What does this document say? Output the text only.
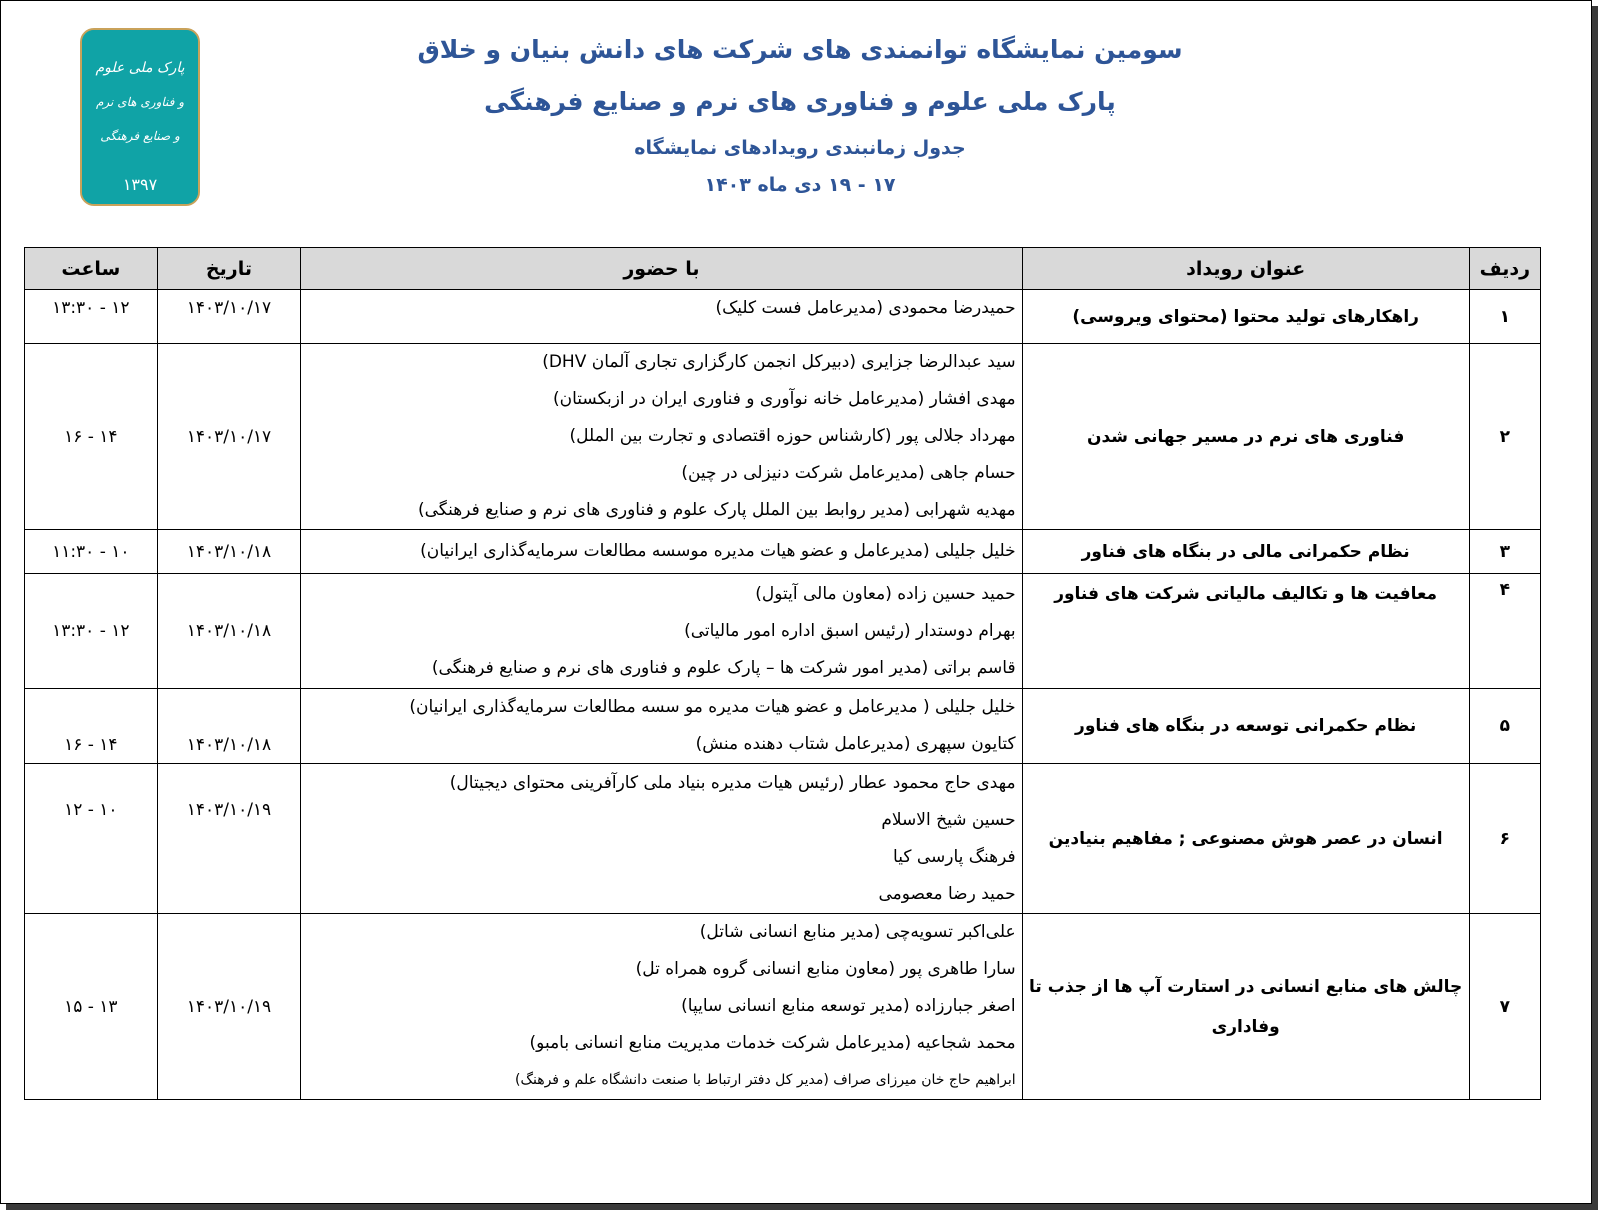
پارک ملی علوم
و فناوری های نرم
و صنایع فرهنگی
۱۳۹۷
سومین نمایشگاه توانمندی های شرکت های دانش بنیان و خلاق
پارک ملی علوم و فناوری های نرم و صنایع فرهنگی
جدول زمانبندی رویدادهای نمایشگاه
۱۷ - ۱۹ دی ماه ۱۴۰۳
ردیف	عنوان رویداد	با حضور	تاریخ	ساعت
۱	راهکارهای تولید محتوا (محتوای ویروسی)	حمیدرضا محمودی (مدیرعامل فست کلیک)	۱۴۰۳/۱۰/۱۷	۱۲ - ۱۳:۳۰
۲	فناوری های نرم در مسیر جهانی شدن	سید عبدالرضا جزایری (دبیرکل انجمن کارگزاری تجاری آلمان DHV)
مهدی افشار (مدیرعامل خانه نوآوری و فناوری ایران در ازبکستان)
مهرداد جلالی پور (کارشناس حوزه اقتصادی و تجارت بین الملل)
حسام جاهی (مدیرعامل شرکت دنیزلی در چین)
مهدیه شهرابی (مدیر روابط بین الملل پارک علوم و فناوری های نرم و صنایع فرهنگی)	۱۴۰۳/۱۰/۱۷	۱۴ - ۱۶
۳	نظام حکمرانی مالی در بنگاه های فناور	خلیل جلیلی (مدیرعامل و عضو هیات مدیره موسسه مطالعات سرمایه‌گذاری ایرانیان)	۱۴۰۳/۱۰/۱۸	۱۰ - ۱۱:۳۰
۴	معافیت ها و تکالیف مالیاتی شرکت های فناور	حمید حسین زاده (معاون مالی آیتول)
بهرام دوستدار (رئیس اسبق اداره امور مالیاتی)
قاسم براتی (مدیر امور شرکت ها – پارک علوم و فناوری های نرم و صنایع فرهنگی)	۱۴۰۳/۱۰/۱۸	۱۲ - ۱۳:۳۰
۵	نظام حکمرانی توسعه در بنگاه های فناور	خلیل جلیلی ( مدیرعامل و عضو هیات مدیره مو سسه مطالعات سرمایه‌گذاری ایرانیان)
کتایون سپهری (مدیرعامل شتاب دهنده منش)	۱۴۰۳/۱۰/۱۸	۱۴ - ۱۶
۶	انسان در عصر هوش مصنوعی ; مفاهیم بنیادین	مهدی حاج محمود عطار (رئیس هیات مدیره بنیاد ملی کارآفرینی محتوای دیجیتال)
حسین شیخ الاسلام
فرهنگ پارسی کیا
حمید رضا معصومی	۱۴۰۳/۱۰/۱۹	۱۰ - ۱۲
۷	چالش های منابع انسانی در استارت آپ ها از جذب تا وفاداری	علی‌اکبر تسویه‌چی (مدیر منابع انسانی شاتل)
سارا طاهری پور (معاون منابع انسانی گروه همراه تل)
اصغر جبارزاده (مدیر توسعه منابع انسانی سایپا)
محمد شجاعیه (مدیرعامل شرکت خدمات مدیریت منابع انسانی بامبو)
ابراهیم حاج خان میرزای صراف (مدیر کل دفتر ارتباط با صنعت دانشگاه علم و فرهنگ)	۱۴۰۳/۱۰/۱۹	۱۳ - ۱۵
